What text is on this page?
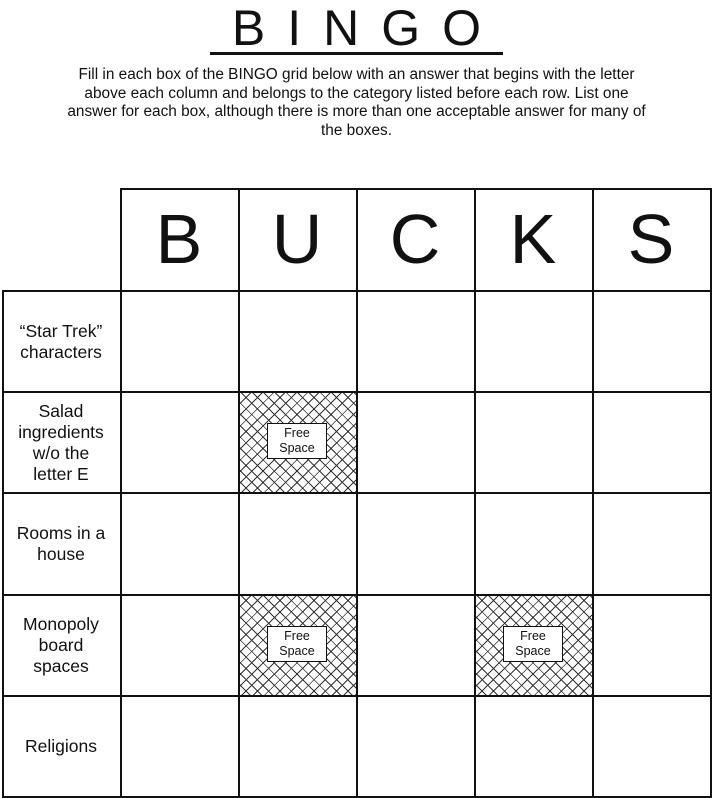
BINGO
Fill in each box of the BINGO grid below with an answer that begins with the letter above each column and belongs to the category listed before each row. List one answer for each box, although there is more than one acceptable answer for many of the boxes.
Free Space
Free Space
Free Space
B U C K	S
“Star Trek” characters
Salad ingredients w/o the letter E
Rooms in a house
Monopoly board spaces
Religions
